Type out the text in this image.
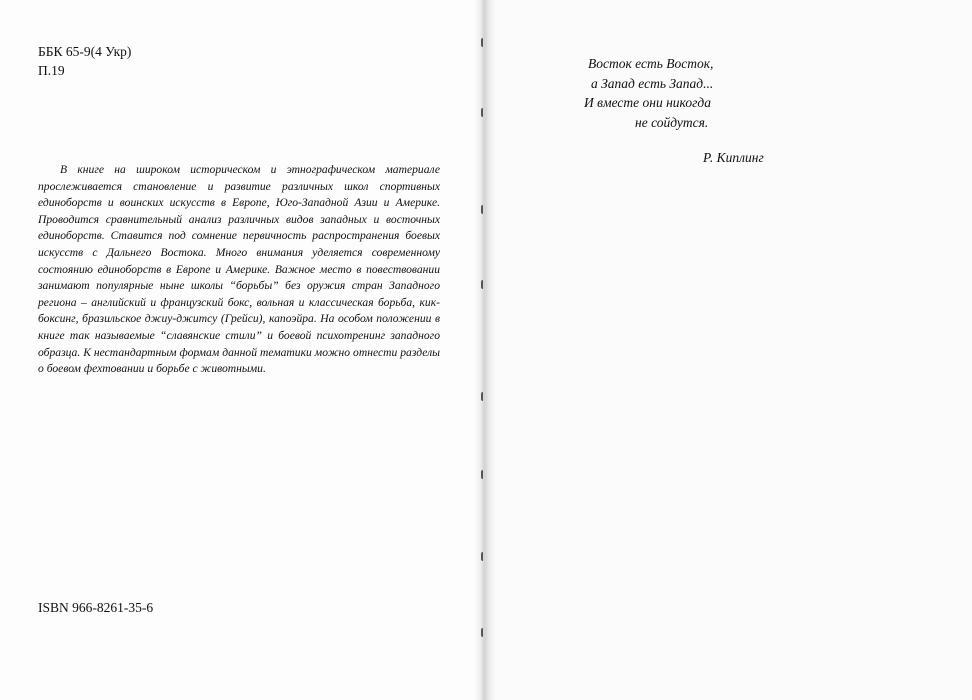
ББК 65-9(4 Укр)
П.19

В книге на широком историческом и этнографическом материале прослеживается становление и развитие различных школ спортивных единоборств и воинских искусств в Европе, Юго-Западной Азии и Америке. Проводится сравнительный анализ различных видов западных и восточных единоборств. Ставится под сомнение первичность распространения боевых искусств с Дальнего Востока. Много внимания уделяется современному состоянию единоборств в Европе и Америке. Важное место в повествовании занимают популярные ныне школы “борьбы” без оружия стран Западного региона – английский и французский бокс, вольная и классическая борьба, кик-боксинг, бразильское джиу-джитсу (Грейси), капоэйра. На особом положении в книге так называемые “славянские стили” и боевой психотренинг западного образца. К нестандартным формам данной тематики можно отнести разделы о боевом фехтовании и борьбе с животными.

ISBN 966-8261-35-6
Восток есть Восток,
а Запад есть Запад...
И вместе они никогда
не сойдутся.
Р. Киплинг
